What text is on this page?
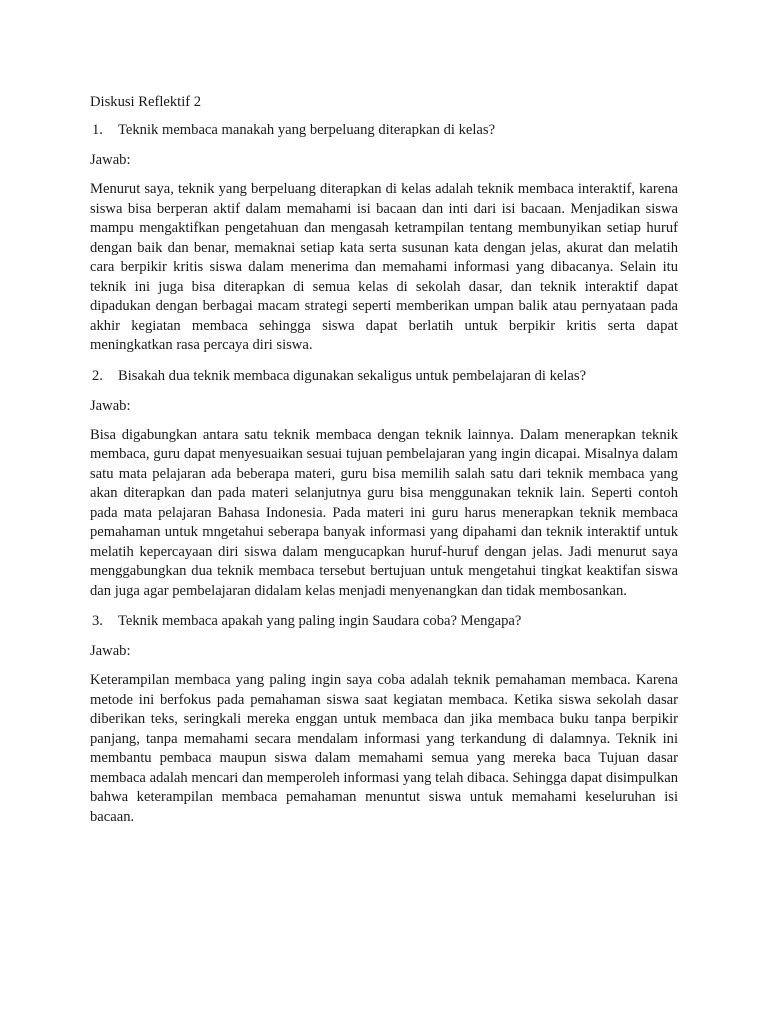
Diskusi Reflektif 2
1.	Teknik membaca manakah yang berpeluang diterapkan di kelas?
Jawab:
Menurut saya, teknik yang berpeluang diterapkan di kelas adalah teknik membaca interaktif, karena siswa bisa berperan aktif dalam memahami isi bacaan dan inti dari isi bacaan. Menjadikan siswa mampu mengaktifkan pengetahuan dan mengasah ketrampilan tentang membunyikan setiap huruf dengan baik dan benar, memaknai setiap kata serta susunan kata dengan jelas, akurat dan melatih cara berpikir kritis siswa dalam menerima dan memahami informasi yang dibacanya. Selain itu teknik ini juga bisa diterapkan di semua kelas di sekolah dasar, dan teknik interaktif dapat dipadukan dengan berbagai macam strategi seperti memberikan umpan balik atau pernyataan pada akhir kegiatan membaca sehingga siswa dapat berlatih untuk berpikir kritis serta dapat meningkatkan rasa percaya diri siswa.
2.	Bisakah dua teknik membaca digunakan sekaligus untuk pembelajaran di kelas?
Jawab:
Bisa digabungkan antara satu teknik membaca dengan teknik lainnya. Dalam menerapkan teknik membaca, guru dapat menyesuaikan sesuai tujuan pembelajaran yang ingin dicapai. Misalnya dalam satu mata pelajaran ada beberapa materi, guru bisa memilih salah satu dari teknik membaca yang akan diterapkan dan pada materi selanjutnya guru bisa menggunakan teknik lain. Seperti contoh pada mata pelajaran Bahasa Indonesia. Pada materi ini guru harus menerapkan teknik membaca pemahaman untuk mngetahui seberapa banyak informasi yang dipahami dan teknik interaktif untuk melatih kepercayaan diri siswa dalam mengucapkan huruf-huruf dengan jelas. Jadi menurut saya menggabungkan dua teknik membaca tersebut bertujuan untuk mengetahui tingkat keaktifan siswa dan juga agar pembelajaran didalam kelas menjadi menyenangkan dan tidak membosankan.
3.	Teknik membaca apakah yang paling ingin Saudara coba? Mengapa?
Jawab:
Keterampilan membaca yang paling ingin saya coba adalah teknik pemahaman membaca. Karena metode ini berfokus pada pemahaman siswa saat kegiatan membaca. Ketika siswa sekolah dasar diberikan teks, seringkali mereka enggan untuk membaca dan jika membaca buku tanpa berpikir panjang, tanpa memahami secara mendalam informasi yang terkandung di dalamnya. Teknik ini membantu pembaca maupun siswa dalam memahami semua yang mereka baca Tujuan dasar membaca adalah mencari dan memperoleh informasi yang telah dibaca. Sehingga dapat disimpulkan bahwa keterampilan membaca pemahaman menuntut siswa untuk memahami keseluruhan isi bacaan.
